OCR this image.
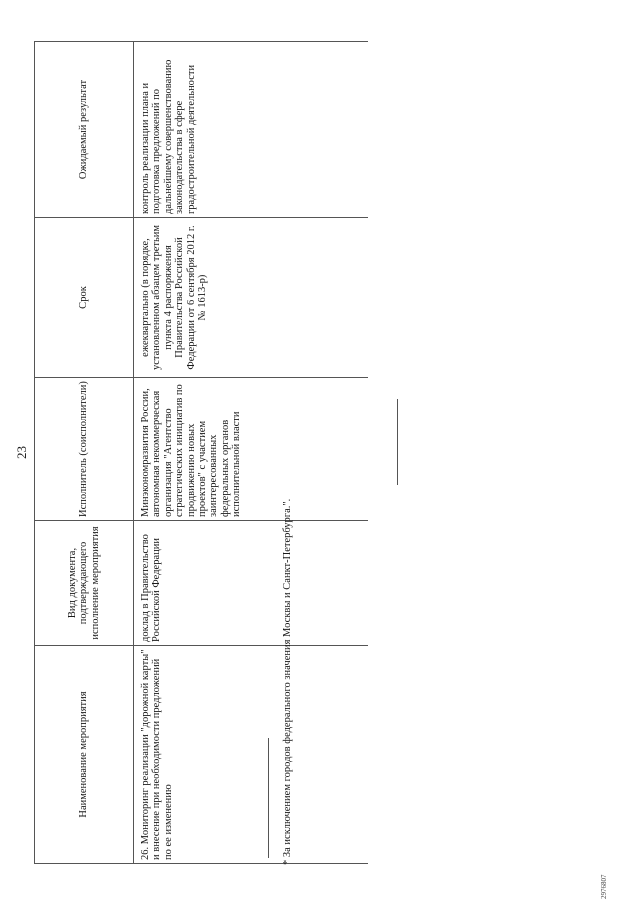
23
Наименование мероприятия	Вид документа, подтверждающего исполнение мероприятия	Исполнитель (соисполнители)	Срок	Ожидаемый результат
26. Мониторинг реализации "дорожной карты" и внесение при необходимости предложений по ее изменению	доклад в Правительство Российской Федерации	Минэкономразвития России, автономная некоммерческая организация "Агентство стратегических инициатив по продвижению новых проектов" с участием заинтересованных федеральных органов исполнительной власти	ежеквартально (в порядке, установленном абзацем третьим пункта 4 распоряжения Правительства Российской Федерации от 6 сентября 2012 г. № 1613-р)	контроль реализации плана и подготовка предложений по дальнейшему совершенствованию законодательства в сфере градостроительной деятельности
* За исключением городов федерального значения Москвы и Санкт-Петербурга.".
2976807
